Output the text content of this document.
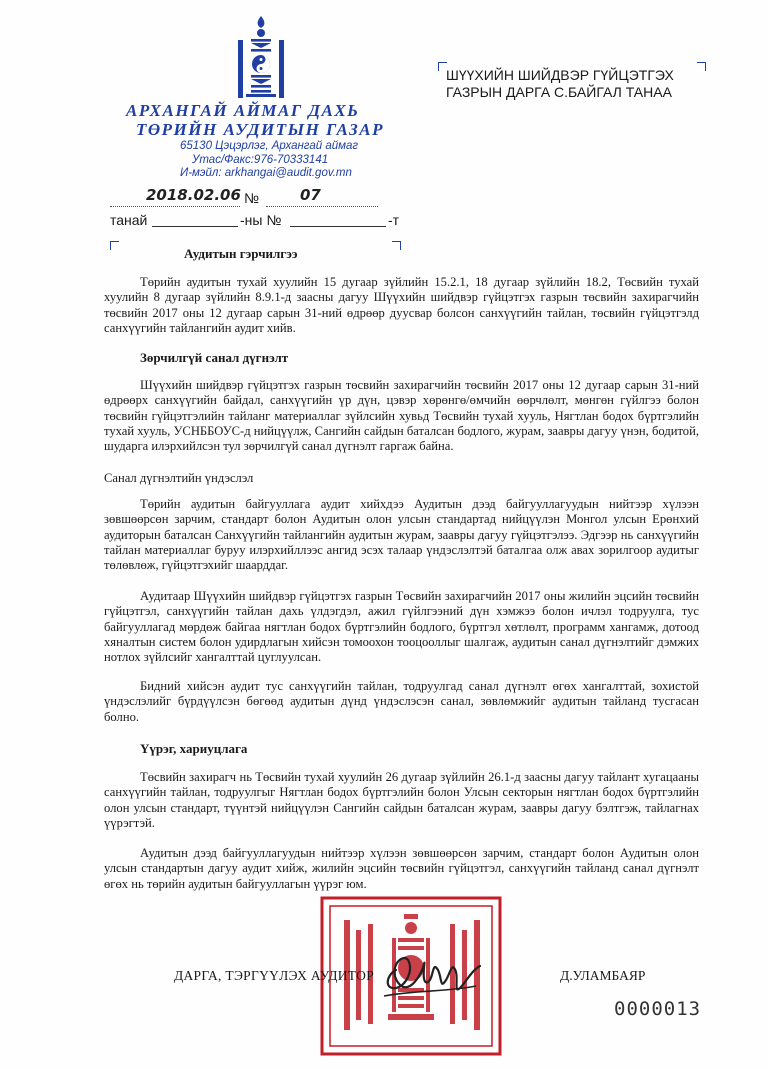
АРХАНГАЙ АЙМАГ ДАХЬ
ТӨРИЙН АУДИТЫН ГАЗАР
65130 Цэцэрлэг, Архангай аймаг
Утас/Факс:976-70333141
И-мэйл: arkhangai@audit.gov.mn
ШҮҮХИЙН ШИЙДВЭР ГҮЙЦЭТГЭХ
ГАЗРЫН ДАРГА С.БАЙГАЛ ТАНАА
2018.02.06 №	07
танай	-ны №	-т
Аудитын гэрчилгээ

Төрийн аудитын тухай хуулийн 15 дугаар зүйлийн 15.2.1, 18 дугаар зүйлийн 18.2, Төсвийн тухай хуулийн 8 дугаар зүйлийн 8.9.1-д заасны дагуу Шүүхийн шийдвэр гүйцэтгэх газрын төсвийн захирагчийн төсвийн 2017 оны 12 дугаар сарын 31-ний өдрөөр дуусвар болсон санхүүгийн тайлан, төсвийн гүйцэтгэлд санхүүгийн тайлангийн аудит хийв.

Зөрчилгүй санал дүгнэлт

Шүүхийн шийдвэр гүйцэтгэх газрын төсвийн захирагчийн төсвийн 2017 оны 12 дугаар сарын 31-ний өдрөөрх санхүүгийн байдал, санхүүгийн үр дүн, цэвэр хөрөнгө/өмчийн өөрчлөлт, мөнгөн гүйлгээ болон төсвийн гүйцэтгэлийн тайланг материаллаг зүйлсийн хувьд Төсвийн тухай хууль, Нягтлан бодох бүртгэлийн тухай хууль, УСНББОУС-д нийцүүлж, Сангийн сайдын баталсан бодлого, журам, заавры дагуу үнэн, бодитой, шударга илэрхийлсэн тул зөрчилгүй санал дүгнэлт гаргаж байна.

Санал дүгнэлтийн үндэслэл

Төрийн аудитын байгууллага аудит хийхдээ Аудитын дээд байгууллагуудын нийтээр хүлээн зөвшөөрсөн зарчим, стандарт болон Аудитын олон улсын стандартад нийцүүлэн Монгол улсын Ерөнхий аудиторын баталсан Санхүүгийн тайлангийн аудитын журам, заавры дагуу гүйцэтгэлээ. Эдгээр нь санхүүгийн тайлан материаллаг буруу илэрхийллээс ангид эсэх талаар үндэслэлтэй баталгаа олж авах зорилгоор аудитыг төлөвлөж, гүйцэтгэхийг шаарддаг.

Аудитаар Шүүхийн шийдвэр гүйцэтгэх газрын Төсвийн захирагчийн 2017 оны жилийн эцсийн төсвийн гүйцэтгэл, санхүүгийн тайлан дахь үлдэгдэл, ажил гүйлгээний дүн хэмжээ болон ичлэл тодруулга, тус байгууллагад мөрдөж байгаа нягтлан бодох бүртгэлийн бодлого, бүртгэл хөтлөлт, программ хангамж, дотоод хяналтын систем болон удирдлагын хийсэн томоохон тооцооллыг шалгаж, аудитын санал дүгнэлтийг дэмжих нотлох зүйлсийг хангалттай цуглуулсан.

Бидний хийсэн аудит тус санхүүгийн тайлан, тодруулгад санал дүгнэлт өгөх хангалттай, зохистой үндэслэлийг бүрдүүлсэн бөгөөд аудитын дүнд үндэслэсэн санал, зөвлөмжийг аудитын тайланд тусгасан болно.

Үүрэг, хариуцлага

Төсвийн захирагч нь Төсвийн тухай хуулийн 26 дугаар зүйлийн 26.1-д заасны дагуу тайлант хугацааны санхүүгийн тайлан, тодруулгыг Нягтлан бодох бүртгэлийн болон Улсын секторын нягтлан бодох бүртгэлийн олон улсын стандарт, түүнтэй нийцүүлэн Сангийн сайдын баталсан журам, заавры дагуу бэлтгэж, тайлагнах үүрэгтэй.

Аудитын дээд байгууллагуудын нийтээр хүлээн зөвшөөрсөн зарчим, стандарт болон Аудитын олон улсын стандартын дагуу аудит хийж, жилийн эцсийн төсвийн гүйцэтгэл, санхүүгийн тайланд санал дүгнэлт өгөх нь төрийн аудитын байгууллагын үүрэг юм.

ДАРГА, ТЭРГҮҮЛЭХ АУДИТОР	Д.УЛАМБАЯР
0000013
